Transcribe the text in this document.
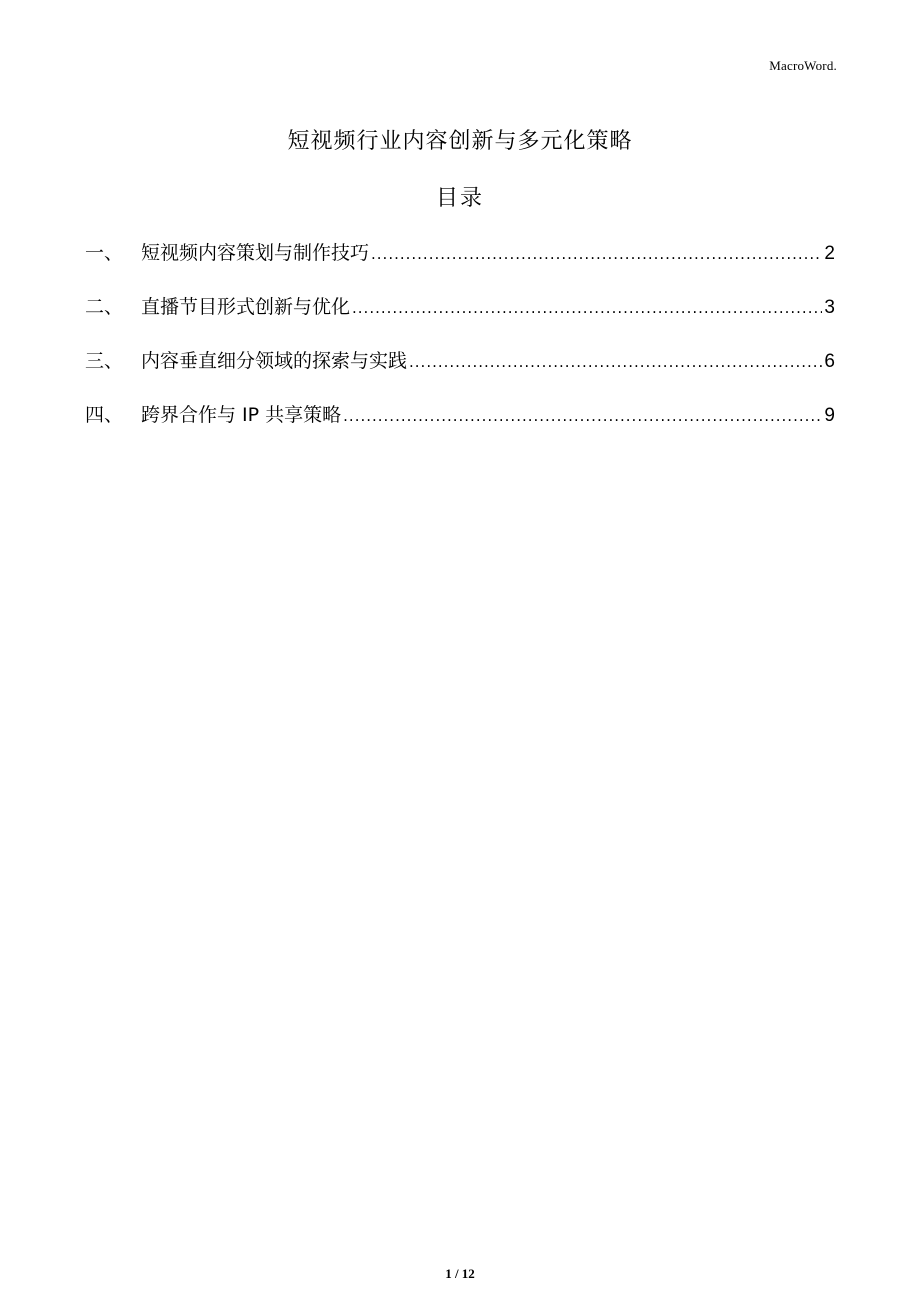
MacroWord.
短视频行业内容创新与多元化策略
目录
一、 短视频内容策划与制作技巧 .....	2
二、 直播节目形式创新与优化 .....	3
三、 内容垂直细分领域的探索与实践 .....	6
四、 跨界合作与 IP 共享策略 .....	9
1 / 12
